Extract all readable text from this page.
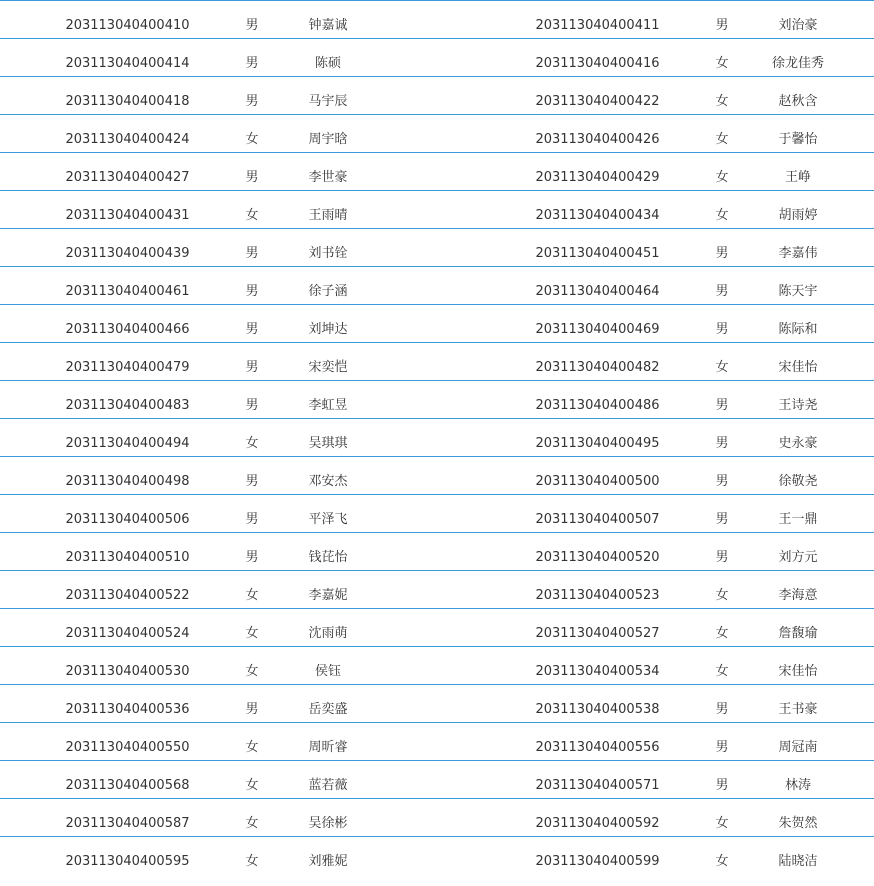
203113040400410	男	钟嘉诚	203113040400411	男	刘治豪
203113040400414	男	陈硕	203113040400416	女	徐龙佳秀
203113040400418	男	马宇辰	203113040400422	女	赵秋含
203113040400424	女	周宇晗	203113040400426	女	于馨怡
203113040400427	男	李世豪	203113040400429	女	王峥
203113040400431	女	王雨晴	203113040400434	女	胡雨婷
203113040400439	男	刘书铨	203113040400451	男	李嘉伟
203113040400461	男	徐子涵	203113040400464	男	陈天宇
203113040400466	男	刘坤达	203113040400469	男	陈际和
203113040400479	男	宋奕恺	203113040400482	女	宋佳怡
203113040400483	男	李虹昱	203113040400486	男	王诗尧
203113040400494	女	吴琪琪	203113040400495	男	史永豪
203113040400498	男	邓安杰	203113040400500	男	徐敬尧
203113040400506	男	平泽飞	203113040400507	男	王一鼎
203113040400510	男	钱芘怡	203113040400520	男	刘方元
203113040400522	女	李嘉妮	203113040400523	女	李海意
203113040400524	女	沈雨萌	203113040400527	女	詹馥瑜
203113040400530	女	侯钰	203113040400534	女	宋佳怡
203113040400536	男	岳奕盛	203113040400538	男	王书豪
203113040400550	女	周昕睿	203113040400556	男	周冠南
203113040400568	女	蓝若薇	203113040400571	男	林涛
203113040400587	女	吴徐彬	203113040400592	女	朱贺然
203113040400595	女	刘雅妮	203113040400599	女	陆晓洁
